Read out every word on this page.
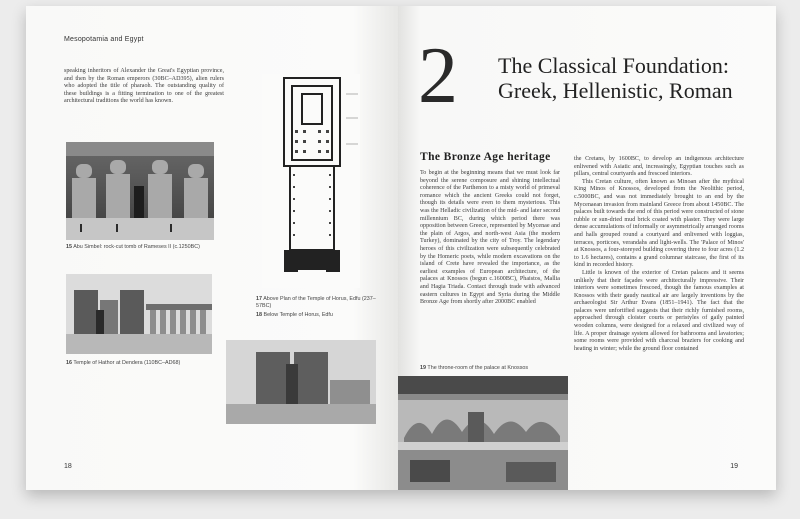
Mesopotamia and Egypt

speaking inheritors of Alexander the Great's Egyptian province, and then by the Roman emperors (30BC–AD395), alien rulers who adopted the title of pharaoh. The outstanding quality of these buildings is a fitting termination to one of the greatest architectural traditions the world has known.

15 Abu Simbel: rock-cut tomb of Rameses II (c.1250BC)
16 Temple of Hathor at Dendera (110BC–AD68)
17 Above Plan of the Temple of Horus, Edfu (237–57BC)
18 Below Temple of Horus, Edfu
18
2 The Classical Foundation:
Greek, Hellenistic, Roman
The Bronze Age heritage

To begin at the beginning means that we must look far beyond the serene composure and shining intellectual coherence of the Parthenon to a misty world of primeval romance which the ancient Greeks could not forget, though its details were even to them mysterious. This was the Helladic civilization of the mid- and later second millennium BC, during which period there was opposition between Greece, represented by Mycenae and the plain of Argos, and north-west Asia (the modern Turkey), dominated by the city of Troy. The legendary heroes of this civilization were subsequently celebrated by the Homeric poets, while modern excavations on the island of Crete have revealed the importance, as the earliest examples of European architecture, of the palaces at Knossos (begun c.1600BC), Phaistos, Mallia and Hagia Triada. Contact through trade with advanced eastern cultures in Egypt and Syria during the Middle Bronze Age from shortly after 2000BC enabled

the Cretans, by 1600BC, to develop an indigenous architecture enlivened with Asiatic and, increasingly, Egyptian touches such as pillars, central courtyards and frescoed interiors.

This Cretan culture, often known as Minoan after the mythical King Minos of Knossos, developed from the Neolithic period, c.5000BC, and was not immediately brought to an end by the Mycenaean invasion from mainland Greece from about 1450BC. The palaces built towards the end of this period were constructed of stone rubble or sun-dried mud brick coated with plaster. They were large dense accumulations of informally or asymmetrically arranged rooms and halls grouped round a courtyard and enlivened with loggias, terraces, porticoes, verandahs and light-wells. The 'Palace of Minos' at Knossos, a four-storeyed building covering three to four acres (1.2 to 1.6 hectares), contains a grand columnar staircase, the first of its kind in recorded history.

Little is known of the exterior of Cretan palaces and it seems unlikely that their façades were architecturally impressive. Their interiors were sometimes frescoed, though the famous examples at Knossos with their gaudy nautical air are largely inventions by the archaeologist Sir Arthur Evans (1851–1941). The fact that the palaces were unfortified suggests that their richly furnished rooms, approached through cloister courts or peristyles of gaily painted wooden columns, were designed for a relaxed and civilized way of life. A proper drainage system allowed for bathrooms and lavatories; some rooms were provided with charcoal braziers for cooking and heating in winter; while the ground floor contained

19 The throne-room of the palace at Knossos
19
